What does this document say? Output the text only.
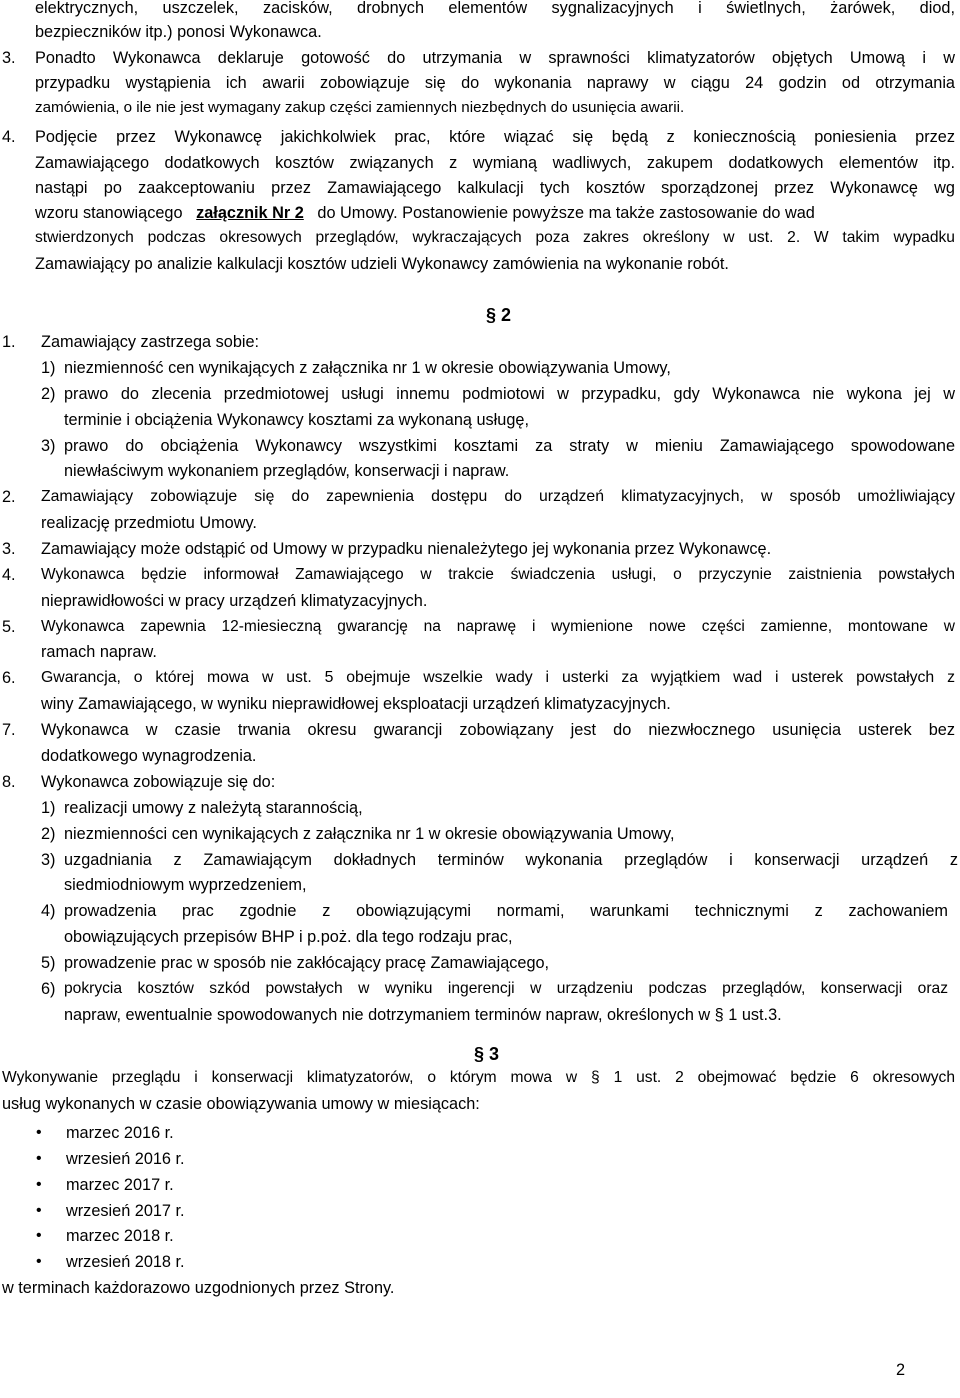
elektrycznych, uszczelek, zacisków, drobnych elementów sygnalizacyjnych i świetlnych, żarówek, diod,
bezpieczników itp.) ponosi Wykonawca.
3. Ponadto Wykonawca deklaruje gotowość do utrzymania w sprawności klimatyzatorów objętych Umową i w
przypadku wystąpienia ich awarii zobowiązuje się do wykonania naprawy w ciągu 24 godzin od otrzymania
zamówienia, o ile nie jest wymagany zakup części zamiennych niezbędnych do usunięcia awarii.
4. Podjęcie przez Wykonawcę jakichkolwiek prac, które wiązać się będą z koniecznością poniesienia przez
Zamawiającego dodatkowych kosztów związanych z wymianą wadliwych, zakupem dodatkowych elementów itp.
nastąpi po zaakceptowaniu przez Zamawiającego kalkulacji tych kosztów sporządzonej przez Wykonawcę wg
wzoru stanowiącego załącznik Nr 2 do Umowy. Postanowienie powyższe ma także zastosowanie do wad
stwierdzonych podczas okresowych przeglądów, wykraczających poza zakres określony w ust. 2. W takim wypadku
Zamawiający po analizie kalkulacji kosztów udzieli Wykonawcy zamówienia na wykonanie robót.
§ 2
1. Zamawiający zastrzega sobie:
1) niezmienność cen wynikających z załącznika nr 1 w okresie obowiązywania Umowy,
2) prawo do zlecenia przedmiotowej usługi innemu podmiotowi w przypadku, gdy Wykonawca nie wykona jej w
terminie i obciążenia Wykonawcy kosztami za wykonaną usługę,
3) prawo do obciążenia Wykonawcy wszystkimi kosztami za straty w mieniu Zamawiającego spowodowane
niewłaściwym wykonaniem przeglądów, konserwacji i napraw.
2. Zamawiający zobowiązuje się do zapewnienia dostępu do urządzeń klimatyzacyjnych, w sposób umożliwiający
realizację przedmiotu Umowy.
3. Zamawiający może odstąpić od Umowy w przypadku nienależytego jej wykonania przez Wykonawcę.
4. Wykonawca będzie informował Zamawiającego w trakcie świadczenia usługi, o przyczynie zaistnienia powstałych
nieprawidłowości w pracy urządzeń klimatyzacyjnych.
5. Wykonawca zapewnia 12-miesieczną gwarancję na naprawę i wymienione nowe części zamienne, montowane w
ramach napraw.
6. Gwarancja, o której mowa w ust. 5 obejmuje wszelkie wady i usterki za wyjątkiem wad i usterek powstałych z
winy Zamawiającego, w wyniku nieprawidłowej eksploatacji urządzeń klimatyzacyjnych.
7. Wykonawca w czasie trwania okresu gwarancji zobowiązany jest do niezwłocznego usunięcia usterek bez
dodatkowego wynagrodzenia.
8. Wykonawca zobowiązuje się do:
1) realizacji umowy z należytą starannością,
2) niezmienności cen wynikających z załącznika nr 1 w okresie obowiązywania Umowy,
3) uzgadniania z Zamawiającym dokładnych terminów wykonania przeglądów i konserwacji urządzeń z
siedmiodniowym wyprzedzeniem,
4) prowadzenia prac zgodnie z obowiązującymi normami, warunkami technicznymi z zachowaniem
obowiązujących przepisów BHP i p.poż. dla tego rodzaju prac,
5) prowadzenie prac w sposób nie zakłócający pracę Zamawiającego,
6) pokrycia kosztów szkód powstałych w wyniku ingerencji w urządzeniu podczas przeglądów, konserwacji oraz
napraw, ewentualnie spowodowanych nie dotrzymaniem terminów napraw, określonych w § 1 ust.3.
§ 3
Wykonywanie przeglądu i konserwacji klimatyzatorów, o którym mowa w § 1 ust. 2 obejmować będzie 6 okresowych
usług wykonanych w czasie obowiązywania umowy w miesiącach:
• marzec 2016 r.
• wrzesień 2016 r.
• marzec 2017 r.
• wrzesień 2017 r.
• marzec 2018 r.
• wrzesień 2018 r.
w terminach każdorazowo uzgodnionych przez Strony.
2
